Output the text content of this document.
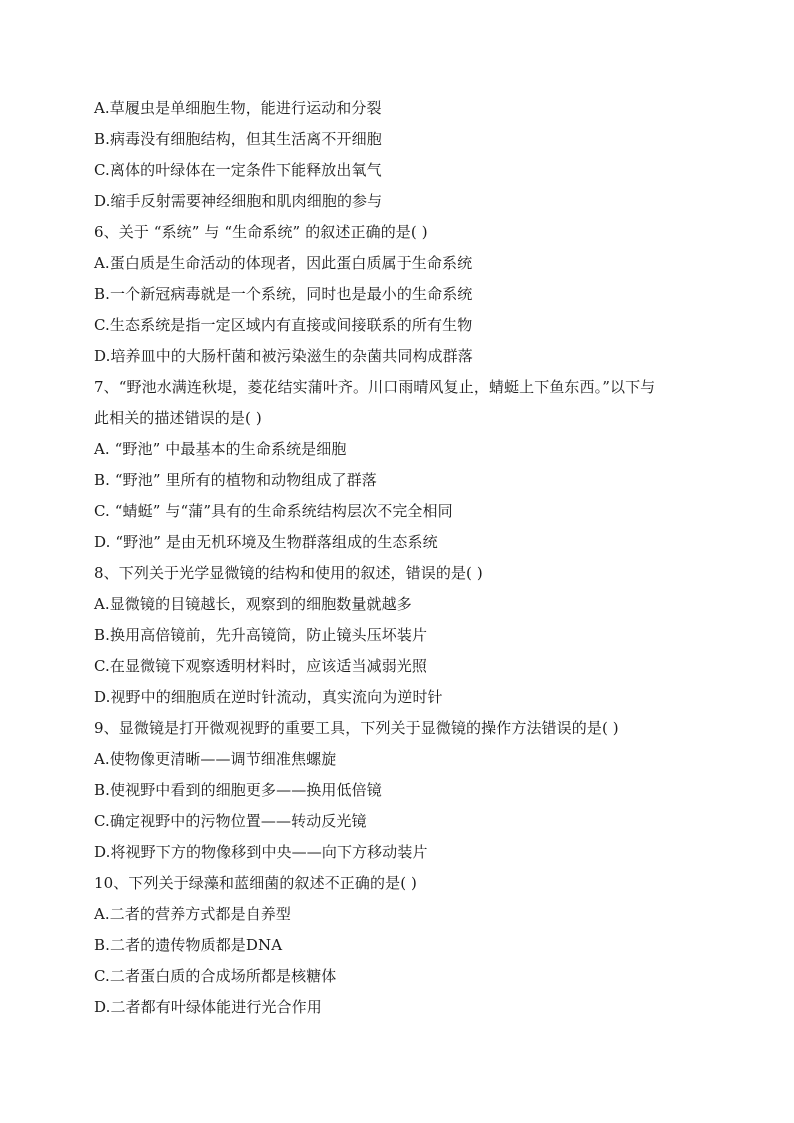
A.草履虫是单细胞生物，能进行运动和分裂
B.病毒没有细胞结构，但其生活离不开细胞
C.离体的叶绿体在一定条件下能释放出氧气
D.缩手反射需要神经细胞和肌肉细胞的参与
6、关于 “系统” 与 “生命系统” 的叙述正确的是( )
A.蛋白质是生命活动的体现者，因此蛋白质属于生命系统
B.一个新冠病毒就是一个系统，同时也是最小的生命系统
C.生态系统是指一定区域内有直接或间接联系的所有生物
D.培养皿中的大肠杆菌和被污染滋生的杂菌共同构成群落
7、“野池水满连秋堤，菱花结实蒲叶齐。川口雨晴风复止，蜻蜓上下鱼东西。”以下与
此相关的描述错误的是( )
A. “野池” 中最基本的生命系统是细胞
B. “野池” 里所有的植物和动物组成了群落
C. “蜻蜓” 与“蒲”具有的生命系统结构层次不完全相同
D. “野池” 是由无机环境及生物群落组成的生态系统
8、下列关于光学显微镜的结构和使用的叙述，错误的是( )
A.显微镜的目镜越长，观察到的细胞数量就越多
B.换用高倍镜前，先升高镜筒，防止镜头压坏装片
C.在显微镜下观察透明材料时，应该适当减弱光照
D.视野中的细胞质在逆时针流动，真实流向为逆时针
9、显微镜是打开微观视野的重要工具，下列关于显微镜的操作方法错误的是( )
A.使物像更清晰——调节细准焦螺旋
B.使视野中看到的细胞更多——换用低倍镜
C.确定视野中的污物位置——转动反光镜
D.将视野下方的物像移到中央——向下方移动装片
10、下列关于绿藻和蓝细菌的叙述不正确的是( )
A.二者的营养方式都是自养型
B.二者的遗传物质都是DNA
C.二者蛋白质的合成场所都是核糖体
D.二者都有叶绿体能进行光合作用
